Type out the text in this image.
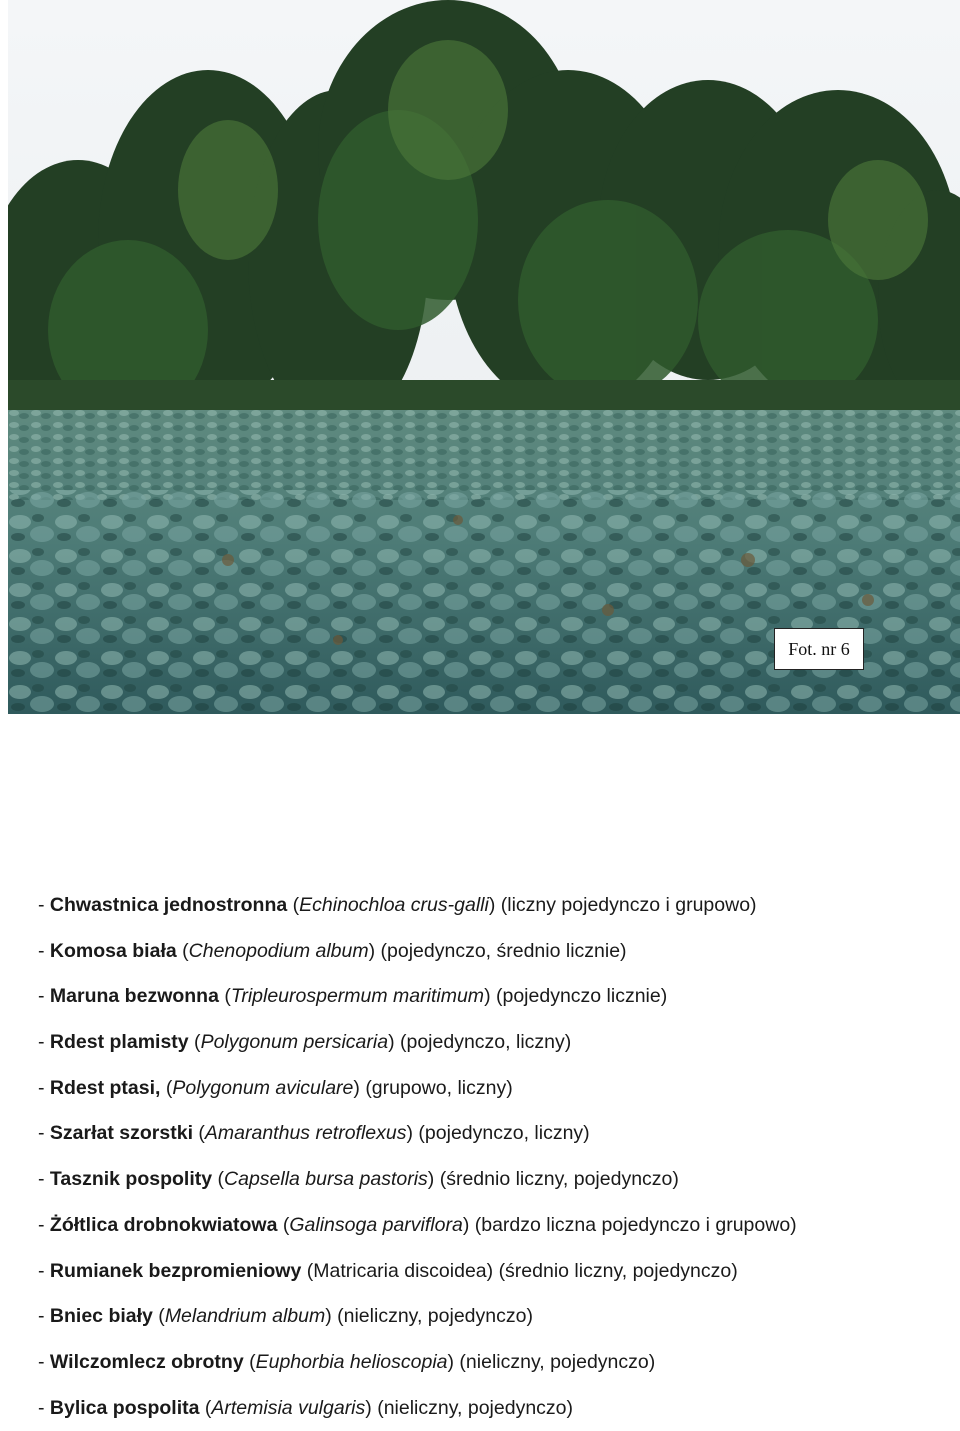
Fot. nr 6
- Chwastnica jednostronna (Echinochloa crus-galli) (liczny pojedynczo i grupowo)
- Komosa biała (Chenopodium album) (pojedynczo, średnio licznie)
- Maruna bezwonna (Tripleurospermum maritimum) (pojedynczo licznie)
- Rdest plamisty (Polygonum persicaria) (pojedynczo, liczny)
- Rdest ptasi, (Polygonum aviculare) (grupowo, liczny)
- Szarłat szorstki (Amaranthus retroflexus) (pojedynczo, liczny)
- Tasznik pospolity (Capsella bursa pastoris) (średnio liczny, pojedynczo)
- Żółtlica drobnokwiatowa (Galinsoga parviflora) (bardzo liczna pojedynczo i grupowo)
- Rumianek bezpromieniowy (Matricaria discoidea) (średnio liczny, pojedynczo)
- Bniec biały (Melandrium album) (nieliczny, pojedynczo)
- Wilczomlecz obrotny (Euphorbia helioscopia) (nieliczny, pojedynczo)
- Bylica pospolita (Artemisia vulgaris) (nieliczny, pojedynczo)
